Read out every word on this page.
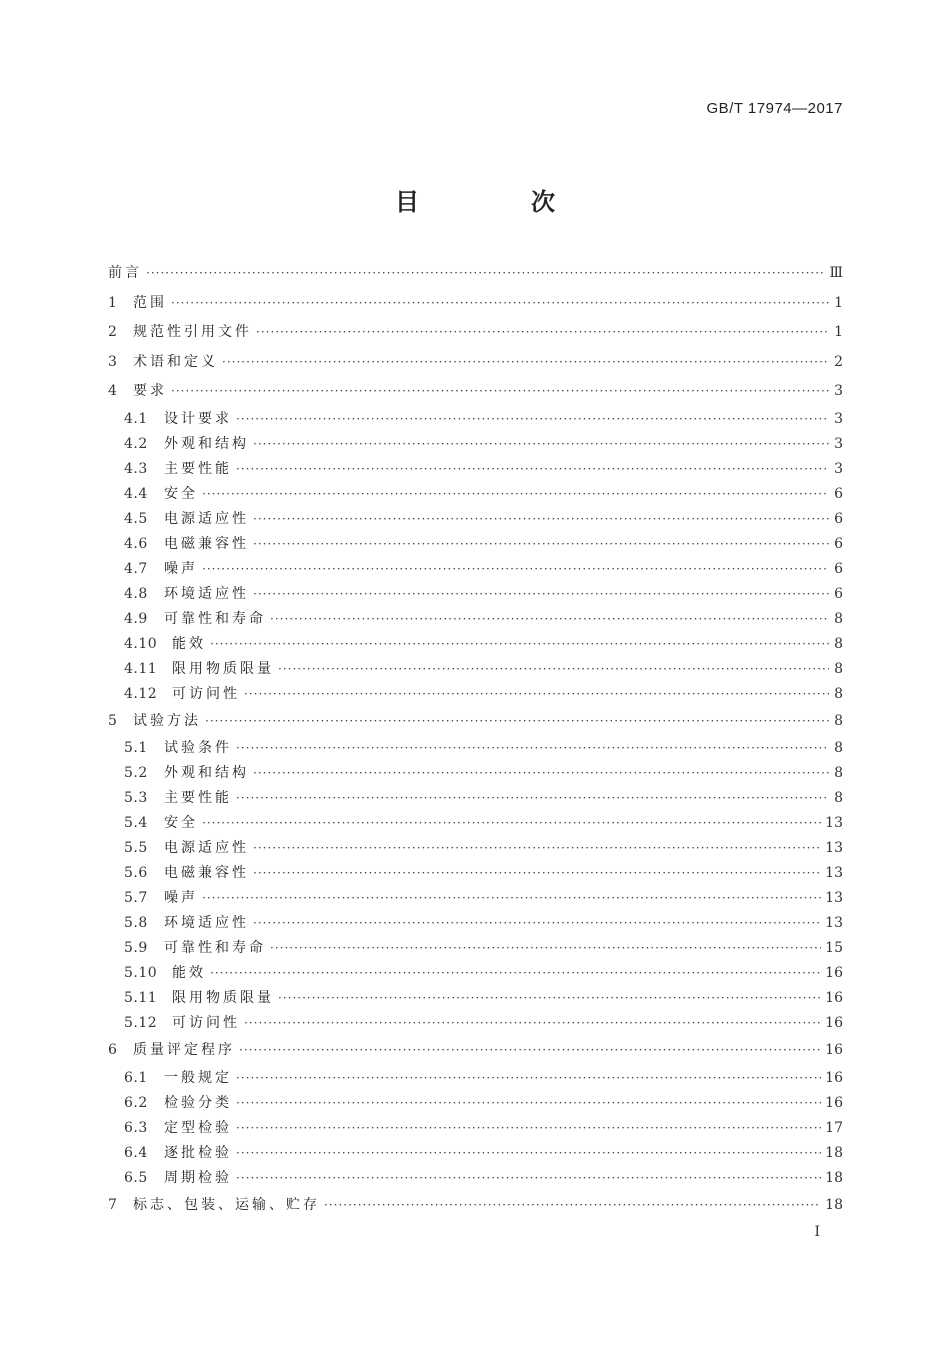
GB/T 17974—2017
目　次
前言 ·····	Ⅲ
1	范围 ·····	1
2	规范性引用文件 ·····	1
3	术语和定义 ·····	2
4	要求 ·····	3
4.1	设计要求 ·····	3
4.2	外观和结构 ·····	3
4.3	主要性能 ·····	3
4.4	安全 ·····	6
4.5	电源适应性 ·····	6
4.6	电磁兼容性 ·····	6
4.7	噪声 ·····	6
4.8	环境适应性 ·····	6
4.9	可靠性和寿命 ·····	8
4.10	能效 ·····	8
4.11	限用物质限量 ·····	8
4.12	可访问性 ·····	8
5	试验方法 ·····	8
5.1	试验条件 ·····	8
5.2	外观和结构 ·····	8
5.3	主要性能 ·····	8
5.4	安全 ·····	13
5.5	电源适应性 ·····	13
5.6	电磁兼容性 ·····	13
5.7	噪声 ·····	13
5.8	环境适应性 ·····	13
5.9	可靠性和寿命 ·····	15
5.10	能效 ·····	16
5.11	限用物质限量 ·····	16
5.12	可访问性 ·····	16
6	质量评定程序 ·····	16
6.1	一般规定 ·····	16
6.2	检验分类 ·····	16
6.3	定型检验 ·····	17
6.4	逐批检验 ·····	18
6.5	周期检验 ·····	18
7	标志、包装、运输、贮存 ·····	18
Ⅰ
